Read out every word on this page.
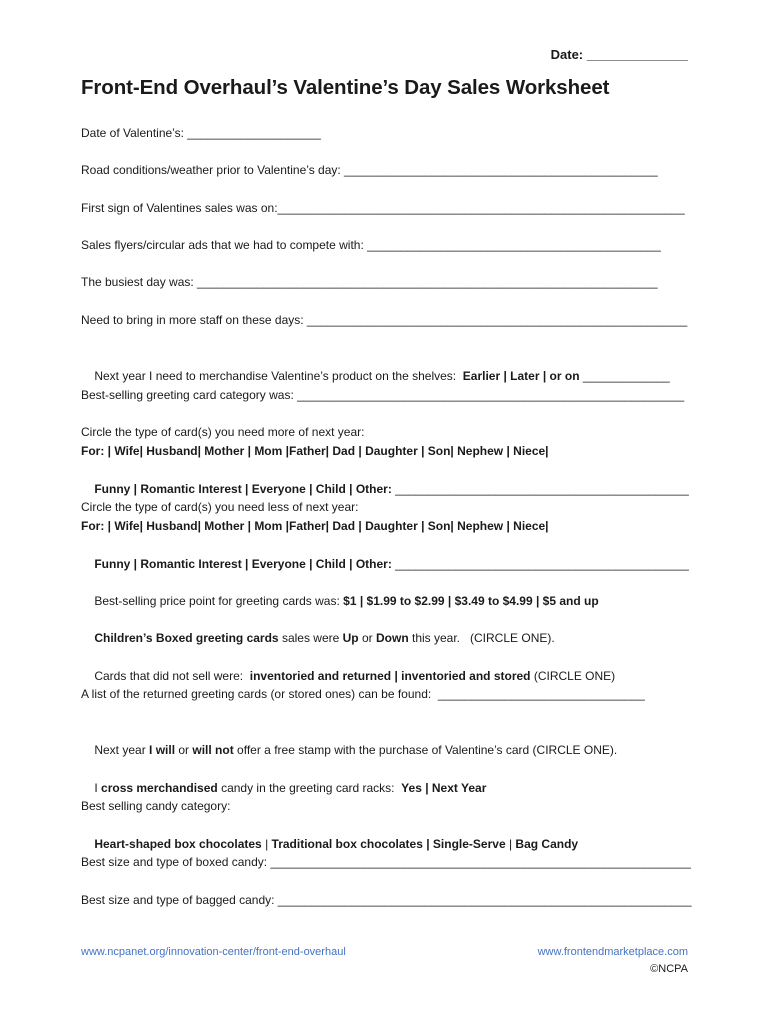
Date: ______________
Front-End Overhaul’s Valentine’s Day Sales Worksheet
Date of Valentine’s: ____________________
Road conditions/weather prior to Valentine’s day: _______________________________________________
First sign of Valentines sales was on:_____________________________________________________________
Sales flyers/circular ads that we had to compete with: ____________________________________________
The busiest day was: _____________________________________________________________________
Need to bring in more staff on these days: _________________________________________________________

Next year I need to merchandise Valentine’s product on the shelves:  Earlier | Later | or on _____________

Best-selling greeting card category was: __________________________________________________________
Circle the type of card(s) you need more of next year:
For: | Wife| Husband| Mother | Mom |Father| Dad | Daughter | Son| Nephew | Niece|

Funny | Romantic Interest | Everyone | Child | Other: ____________________________________________

Circle the type of card(s) you need less of next year:
For: | Wife| Husband| Mother | Mom |Father| Dad | Daughter | Son| Nephew | Niece|

Funny | Romantic Interest | Everyone | Child | Other: ____________________________________________

Best-selling price point for greeting cards was: $1 | $1.99 to $2.99 | $3.49 to $4.99 | $5 and up

Children’s Boxed greeting cards sales were Up or Down this year.   (CIRCLE ONE).

Cards that did not sell were:  inventoried and returned | inventoried and stored (CIRCLE ONE)

A list of the returned greeting cards (or stored ones) can be found:  _______________________________

Next year I will or will not offer a free stamp with the purchase of Valentine’s card (CIRCLE ONE).

I cross merchandised candy in the greeting card racks:  Yes | Next Year

Best selling candy category:

Heart-shaped box chocolates | Traditional box chocolates | Single-Serve | Bag Candy

Best size and type of boxed candy: _______________________________________________________________
Best size and type of bagged candy: ______________________________________________________________
www.ncpanet.org/innovation-center/front-end-overhaul	www.frontendmarketplace.com
©NCPA
